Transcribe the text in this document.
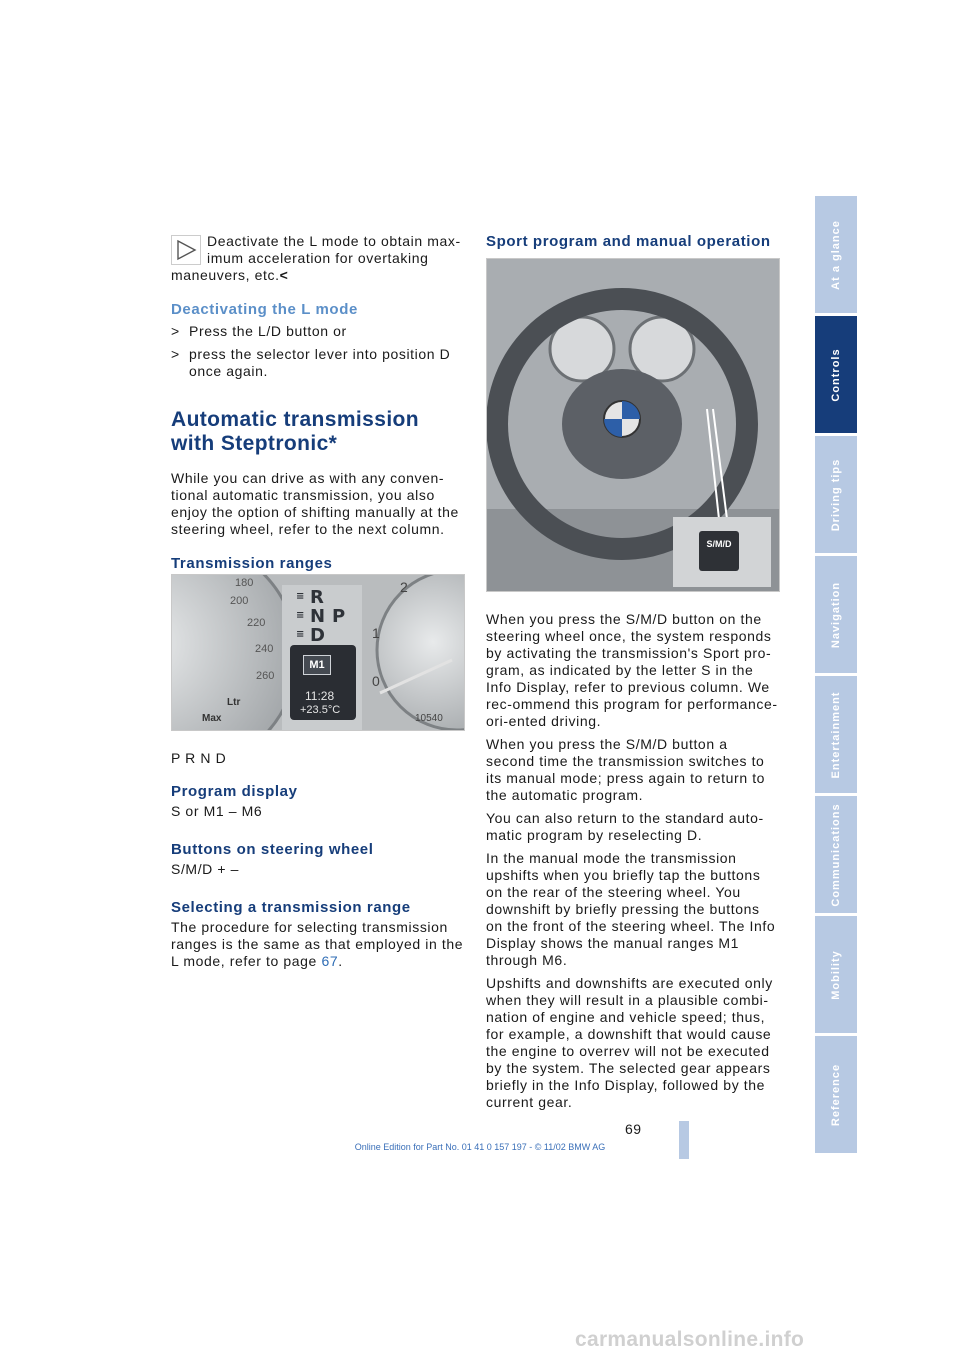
Deactivate the L mode to obtain max-
imum acceleration for overtaking
maneuvers, etc.<
Deactivating the L mode
> Press the L/D button or
> press the selector lever into position D once again.
Automatic transmission
with Steptronic*
While you can drive as with any conven-tional automatic transmission, you also enjoy the option of shifting manually at the steering wheel, refer to the next column.
Transmission ranges
180
200
220
240
260
2
1
0
≡ R
≡ N P
≡ D
M1
11:28
+23.5°C
Ltr
Max	10540
P R N D
Program display
S or M1 – M6
Buttons on steering wheel
S/M/D + –
Selecting a transmission range
The procedure for selecting transmission ranges is the same as that employed in the L mode, refer to page 67.
Sport program and manual operation
S/M/D

When you press the S/M/D button on the steering wheel once, the system responds by activating the transmission's Sport pro-gram, as indicated by the letter S in the Info Display, refer to previous column. We rec-ommend this program for performance-ori-ented driving.

When you press the S/M/D button a second time the transmission switches to its manual mode; press again to return to the automatic program.

You can also return to the standard auto-matic program by reselecting D.

In the manual mode the transmission upshifts when you briefly tap the buttons on the rear of the steering wheel. You downshift by briefly pressing the buttons on the front of the steering wheel. The Info Display shows the manual ranges M1 through M6.

Upshifts and downshifts are executed only when they will result in a plausible combi-nation of engine and vehicle speed; thus, for example, a downshift that would cause the engine to overrev will not be executed by the system. The selected gear appears briefly in the Info Display, followed by the current gear.

At a glance
Controls
Driving tips
Navigation
Entertainment
Communications
Mobility
Reference
69
Online Edition for Part No. 01 41 0 157 197 - © 11/02 BMW AG
carmanualsonline.info
